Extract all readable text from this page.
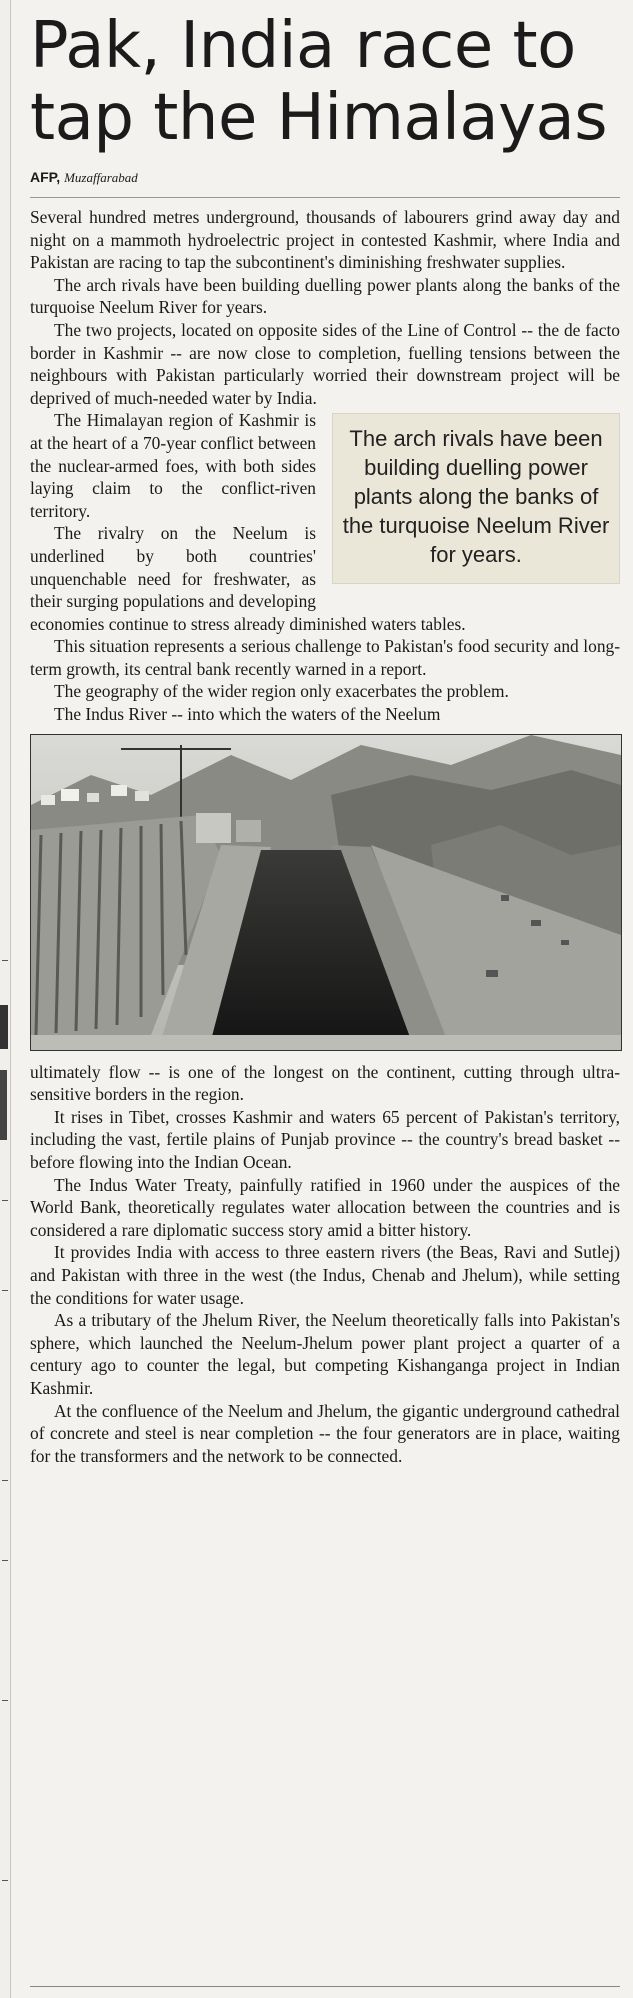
Pak, India race to
tap the Himalayas
AFP, Muzaffarabad

Several hundred metres underground, thousands of labourers grind away day and night on a mammoth hydroelectric project in contested Kashmir, where India and Pakistan are racing to tap the subcontinent's diminishing freshwater supplies.

The arch rivals have been building duelling power plants along the banks of the turquoise Neelum River for years.

The two projects, located on opposite sides of the Line of Control -- the de facto border in Kashmir -- are now close to completion, fuelling tensions between the neighbours with Pakistan particularly worried their downstream project will be deprived of much-needed water by India.

The arch rivals have been building duelling power plants along the banks of the turquoise Neelum River for years.

The Himalayan region of Kashmir is at the heart of a 70-year conflict between the nuclear-armed foes, with both sides laying claim to the conflict-riven territory.

The rivalry on the Neelum is underlined by both countries' unquenchable need for freshwater, as their surging populations and developing economies continue to stress already diminished waters tables.

This situation represents a serious challenge to Pakistan's food security and long-term growth, its central bank recently warned in a report.

The geography of the wider region only exacerbates the problem.

The Indus River -- into which the waters of the Neelum

ultimately flow -- is one of the longest on the continent, cutting through ultra-sensitive borders in the region.

It rises in Tibet, crosses Kashmir and waters 65 percent of Pakistan's territory, including the vast, fertile plains of Punjab province -- the country's bread basket -- before flowing into the Indian Ocean.

The Indus Water Treaty, painfully ratified in 1960 under the auspices of the World Bank, theoretically regulates water allocation between the countries and is considered a rare diplomatic success story amid a bitter history.

It provides India with access to three eastern rivers (the Beas, Ravi and Sutlej) and Pakistan with three in the west (the Indus, Chenab and Jhelum), while setting the conditions for water usage.

As a tributary of the Jhelum River, the Neelum theoretically falls into Pakistan's sphere, which launched the Neelum-Jhelum power plant project a quarter of a century ago to counter the legal, but competing Kishanganga project in Indian Kashmir.

At the confluence of the Neelum and Jhelum, the gigantic underground cathedral of concrete and steel is near completion -- the four generators are in place, waiting for the transformers and the network to be connected.
